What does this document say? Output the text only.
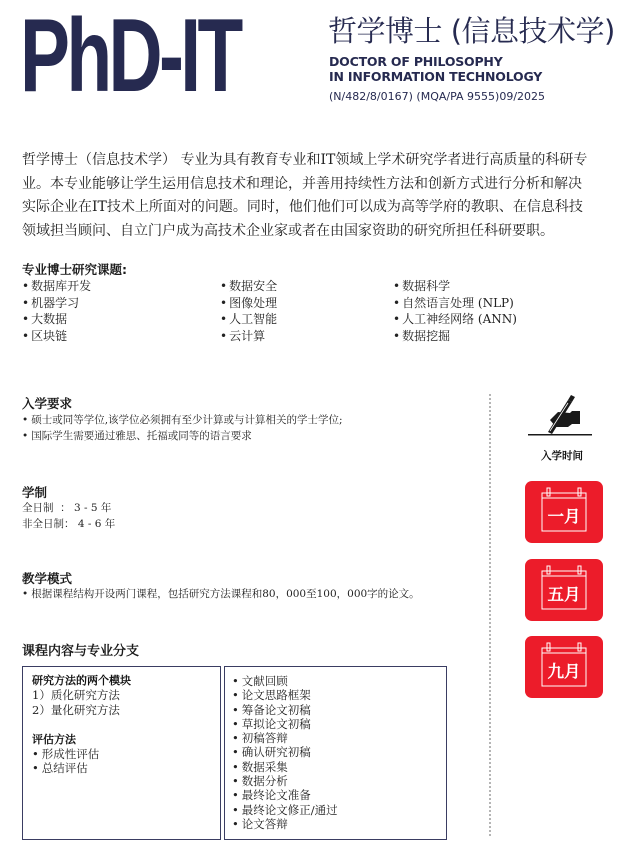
PhD-IT	哲学博士 (信息技术学)
DOCTOR OF PHILOSOPHY
IN INFORMATION TECHNOLOGY
(N/482/8/0167) (MQA/PA 9555)09/2025
哲学博士（信息技术学） 专业为具有教育专业和IT领域上学术研究学者进行高质量的科研专
业。本专业能够让学生运用信息技术和理论，并善用持续性方法和创新方式进行分析和解决
实际企业在IT技术上所面对的问题。同时，他们他们可以成为高等学府的教职、在信息科技
领域担当顾问、自立门户成为高技术企业家或者在由国家资助的研究所担任科研要职。
专业博士研究课题:
• 数据库开发
• 机器学习
• 大数据
• 区块链
• 数据安全
• 图像处理
• 人工智能
• 云计算
• 数据科学
• 自然语言处理 (NLP)
• 人工神经网络 (ANN)
• 数据挖掘
入学要求
• 硕士或同等学位,该学位必须拥有至少计算或与计算相关的学士学位;
• 国际学生需要通过雅思、托福或同等的语言要求
学制
全日制  ： 3 - 5 年
非全日制： 4 - 6 年
教学模式
• 根据课程结构开设两门课程，包括研究方法课程和80，000至100，000字的论文。
课程内容与专业分支
研究方法的两个模块
1）质化研究方法
2）量化研究方法
评估方法
• 形成性评估
• 总结评估
• 文献回顾
• 论文思路框架
• 筹备论文初稿
• 草拟论文初稿
• 初稿答辩
• 确认研究初稿
• 数据采集
• 数据分析
• 最终论文准备
• 最终论文修正/通过
• 论文答辩
入学时间
一月
五月
九月
